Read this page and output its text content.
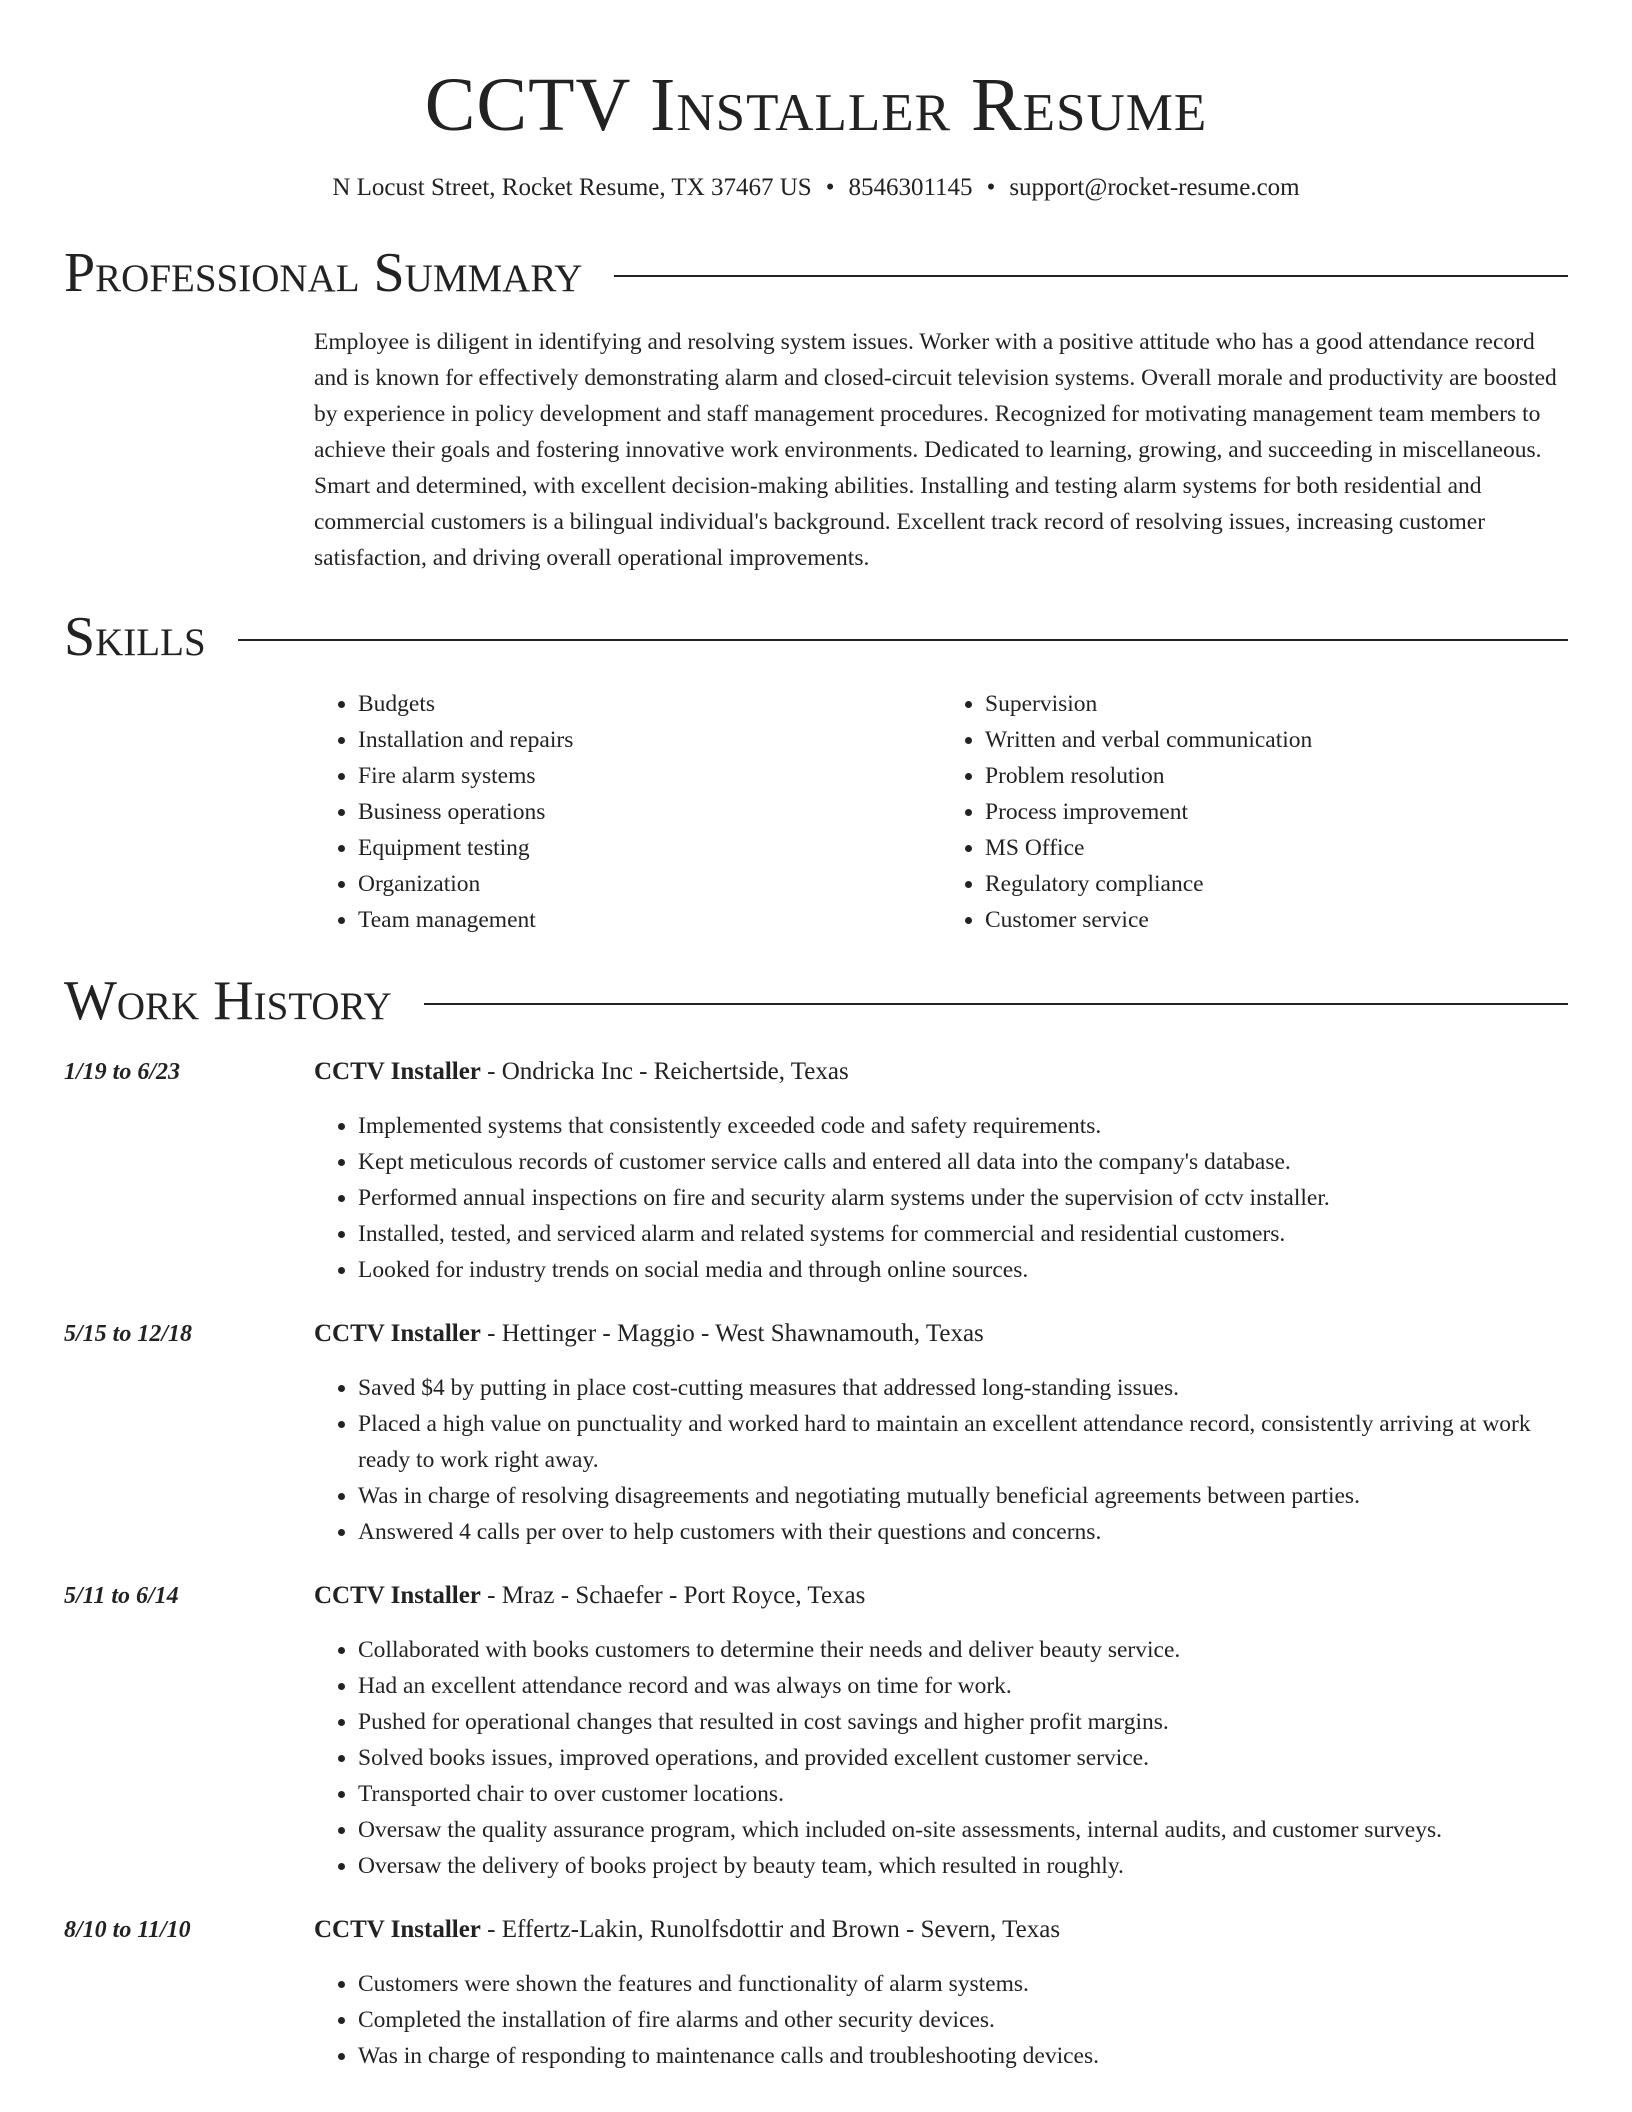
CCTV Installer Resume
N Locust Street, Rocket Resume, TX 37467 US • 8546301145 • support@rocket-resume.com
Professional Summary
Employee is diligent in identifying and resolving system issues. Worker with a positive attitude who has a good attendance record and is known for effectively demonstrating alarm and closed-circuit television systems. Overall morale and productivity are boosted by experience in policy development and staff management procedures. Recognized for motivating management team members to achieve their goals and fostering innovative work environments. Dedicated to learning, growing, and succeeding in miscellaneous. Smart and determined, with excellent decision-making abilities. Installing and testing alarm systems for both residential and commercial customers is a bilingual individual's background. Excellent track record of resolving issues, increasing customer satisfaction, and driving overall operational improvements.
Skills
• Budgets
• Installation and repairs
• Fire alarm systems
• Business operations
• Equipment testing
• Organization
• Team management
• Supervision
• Written and verbal communication
• Problem resolution
• Process improvement
• MS Office
• Regulatory compliance
• Customer service
Work History
1/19 to 6/23	CCTV Installer - Ondricka Inc - Reichertside, Texas
• Implemented systems that consistently exceeded code and safety requirements.
• Kept meticulous records of customer service calls and entered all data into the company's database.
• Performed annual inspections on fire and security alarm systems under the supervision of cctv installer.
• Installed, tested, and serviced alarm and related systems for commercial and residential customers.
• Looked for industry trends on social media and through online sources.
5/15 to 12/18	CCTV Installer - Hettinger - Maggio - West Shawnamouth, Texas
• Saved $4 by putting in place cost-cutting measures that addressed long-standing issues.
• Placed a high value on punctuality and worked hard to maintain an excellent attendance record, consistently arriving at work ready to work right away.
• Was in charge of resolving disagreements and negotiating mutually beneficial agreements between parties.
• Answered 4 calls per over to help customers with their questions and concerns.
5/11 to 6/14	CCTV Installer - Mraz - Schaefer - Port Royce, Texas
• Collaborated with books customers to determine their needs and deliver beauty service.
• Had an excellent attendance record and was always on time for work.
• Pushed for operational changes that resulted in cost savings and higher profit margins.
• Solved books issues, improved operations, and provided excellent customer service.
• Transported chair to over customer locations.
• Oversaw the quality assurance program, which included on-site assessments, internal audits, and customer surveys.
• Oversaw the delivery of books project by beauty team, which resulted in roughly.
8/10 to 11/10	CCTV Installer - Effertz-Lakin, Runolfsdottir and Brown - Severn, Texas
• Customers were shown the features and functionality of alarm systems.
• Completed the installation of fire alarms and other security devices.
• Was in charge of responding to maintenance calls and troubleshooting devices.
